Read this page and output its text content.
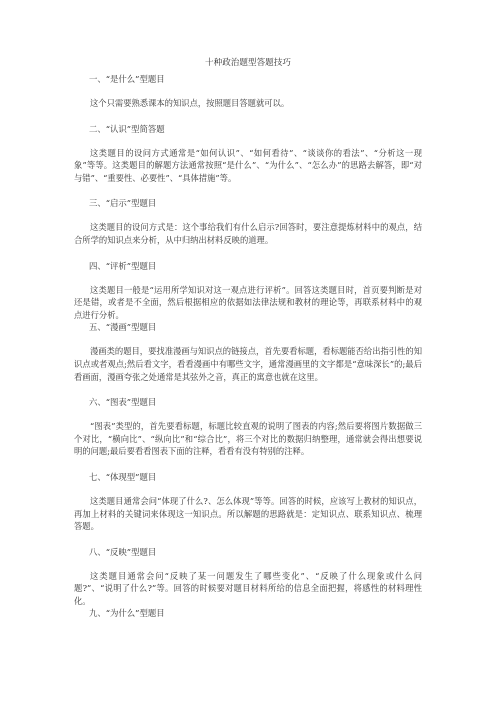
十种政治题型答题技巧
一、“是什么”型题目
这个只需要熟悉课本的知识点，按照题目答题就可以。
二、“认识”型简答题
这类题目的设问方式通常是“如何认识”、“如何看待”、“谈谈你的看法”、“分析这一现象”等等。这类题目的解题方法通常按照“是什么”、“为什么”、“怎么办”的思路去解答，即“对与错”、“重要性、必要性”、“具体措施”等。
三、“启示”型题目
这类题目的设问方式是：这个事给我们有什么启示?回答时，要注意提炼材料中的观点，结合所学的知识点来分析，从中归纳出材料反映的道理。
四、“评析”型题目
这类题目一般是“运用所学知识对这一观点进行评析”。回答这类题目时，首页要判断是对还是错，或者是不全面，然后根据相应的依据如法律法规和教材的理论等，再联系材料中的观点进行分析。
五、“漫画”型题目
漫画类的题目，要找准漫画与知识点的链接点，首先要看标题，看标题能否给出指引性的知识点或者观点;然后看文字，看看漫画中有哪些文字，通常漫画里的文字都是“意味深长”的;最后看画面，漫画夸张之处通常是其弦外之音，真正的寓意也就在这里。
六、“图表”型题目
“图表”类型的，首先要看标题，标题比较直观的说明了图表的内容;然后要将图片数据做三个对比，“横向比”、“纵向比”和“综合比”，将三个对比的数据归纳整理，通常就会得出想要说明的问题;最后要看看图表下面的注释，看看有没有特别的注释。
七、“体现型”题目
这类题目通常会问“体现了什么?、怎么体现”等等。回答的时候，应该写上教材的知识点，再加上材料的关键词来体现这一知识点。所以解题的思路就是：定知识点、联系知识点、梳理答题。
八、“反映”型题目
这类题目通常会问“反映了某一问题发生了哪些变化”、“反映了什么现象或什么问题?”、“说明了什么?”等。回答的时候要对题目材料所给的信息全面把握，将感性的材料理性化。
九、“为什么”型题目
